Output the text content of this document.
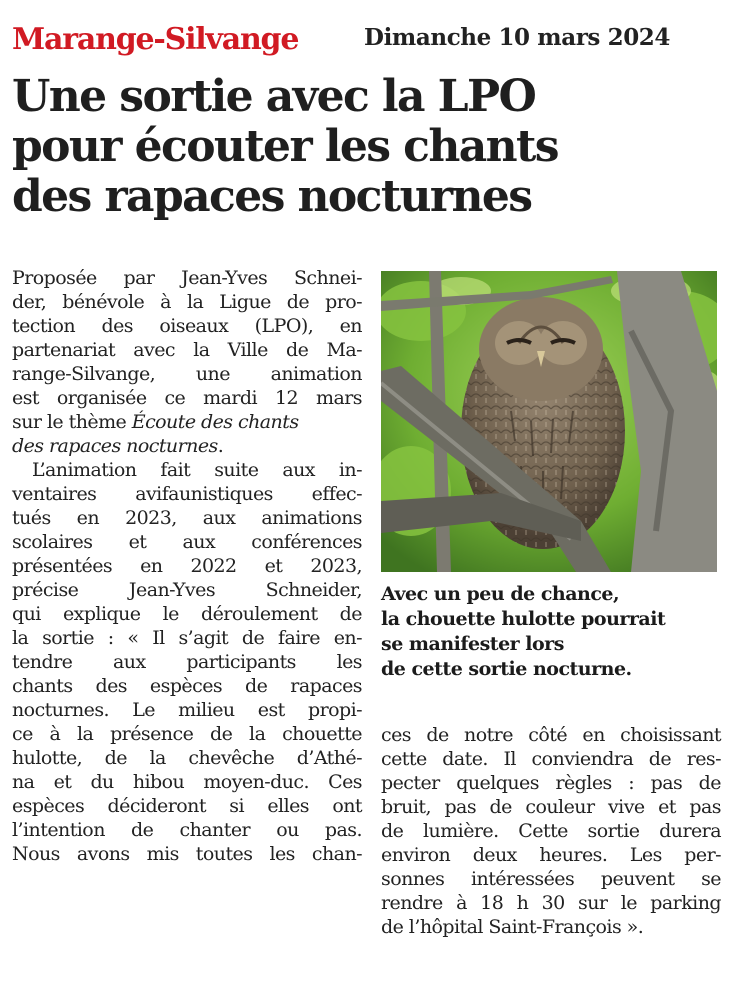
Marange-Silvange	Dimanche 10 mars 2024
Une sortie avec la LPO
pour écouter les chants
des rapaces nocturnes
Proposée par Jean-Yves Schnei-
der, bénévole à la Ligue de pro-
tection des oiseaux (LPO), en
partenariat avec la Ville de Ma-
range-Silvange, une animation
est organisée ce mardi 12 mars
sur le thème Écoute des chants
des rapaces nocturnes.
L’animation fait suite aux in-
ventaires avifaunistiques effec-
tués en 2023, aux animations
scolaires et aux conférences
présentées en 2022 et 2023,
précise Jean-Yves Schneider,
qui explique le déroulement de
la sortie : « Il s’agit de faire en-
tendre aux participants les
chants des espèces de rapaces
nocturnes. Le milieu est propi-
ce à la présence de la chouette
hulotte, de la chevêche d’Athé-
na et du hibou moyen-duc. Ces
espèces décideront si elles ont
l’intention de chanter ou pas.
Nous avons mis toutes les chan-
Avec un peu de chance,
la chouette hulotte pourrait
se manifester lors
de cette sortie nocturne.
ces de notre côté en choisissant
cette date. Il conviendra de res-
pecter quelques règles : pas de
bruit, pas de couleur vive et pas
de lumière. Cette sortie durera
environ deux heures. Les per-
sonnes intéressées peuvent se
rendre à 18 h 30 sur le parking
de l’hôpital Saint-François ».
